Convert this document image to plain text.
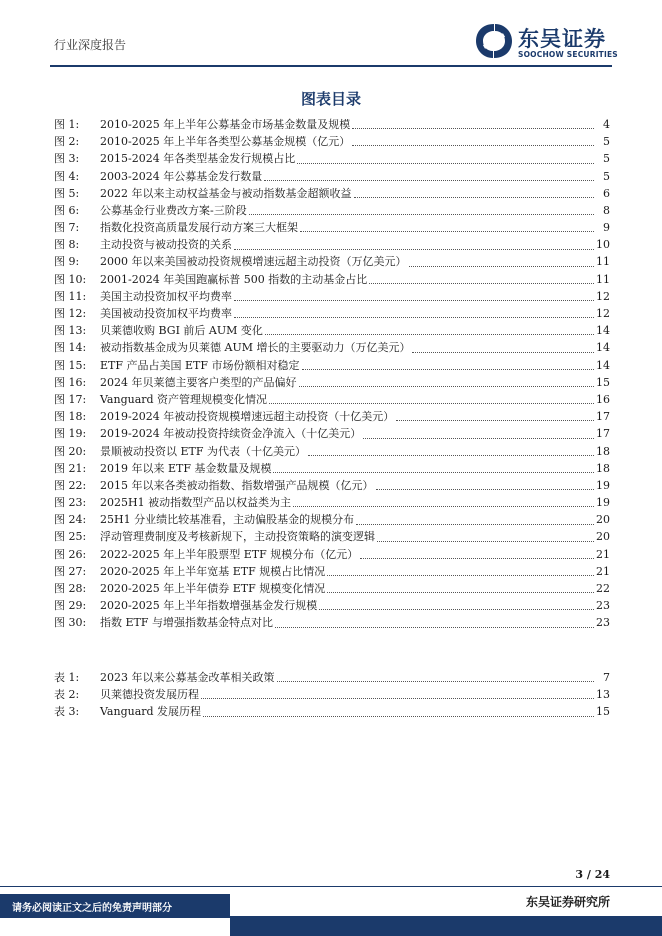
行业深度报告	东吴证券
SOOCHOW SECURITIES
图表目录
图 1:	2010-2025 年上半年公募基金市场基金数量及规模	4
图 2:	2010-2025 年上半年各类型公募基金规模（亿元）	5
图 3:	2015-2024 年各类型基金发行规模占比	5
图 4:	2003-2024 年公募基金发行数量	5
图 5:	2022 年以来主动权益基金与被动指数基金超额收益	6
图 6:	公募基金行业费改方案-三阶段	8
图 7:	指数化投资高质量发展行动方案三大框架	9
图 8:	主动投资与被动投资的关系	10
图 9:	2000 年以来美国被动投资规模增速远超主动投资（万亿美元）	11
图 10:	2001-2024 年美国跑赢标普 500 指数的主动基金占比	11
图 11:	美国主动投资加权平均费率	12
图 12:	美国被动投资加权平均费率	12
图 13:	贝莱德收购 BGI 前后 AUM 变化	14
图 14:	被动指数基金成为贝莱德 AUM 增长的主要驱动力（万亿美元）	14
图 15:	ETF 产品占美国 ETF 市场份额相对稳定	14
图 16:	2024 年贝莱德主要客户类型的产品偏好	15
图 17:	Vanguard 资产管理规模变化情况	16
图 18:	2019-2024 年被动投资规模增速远超主动投资（十亿美元）	17
图 19:	2019-2024 年被动投资持续资金净流入（十亿美元）	17
图 20:	景顺被动投资以 ETF 为代表（十亿美元）	18
图 21:	2019 年以来 ETF 基金数量及规模	18
图 22:	2015 年以来各类被动指数、指数增强产品规模（亿元）	19
图 23:	2025H1 被动指数型产品以权益类为主	19
图 24:	25H1 分业绩比较基准看，主动偏股基金的规模分布	20
图 25:	浮动管理费制度及考核新规下，主动投资策略的演变逻辑	20
图 26:	2022-2025 年上半年股票型 ETF 规模分布（亿元）	21
图 27:	2020-2025 年上半年宽基 ETF 规模占比情况	21
图 28:	2020-2025 年上半年债券 ETF 规模变化情况	22
图 29:	2020-2025 年上半年指数增强基金发行规模	23
图 30:	指数 ETF 与增强指数基金特点对比	23
表 1:	2023 年以来公募基金改革相关政策	7
表 2:	贝莱德投资发展历程	13
表 3:	Vanguard 发展历程	15
3 / 24
请务必阅读正文之后的免责声明部分	东吴证券研究所
